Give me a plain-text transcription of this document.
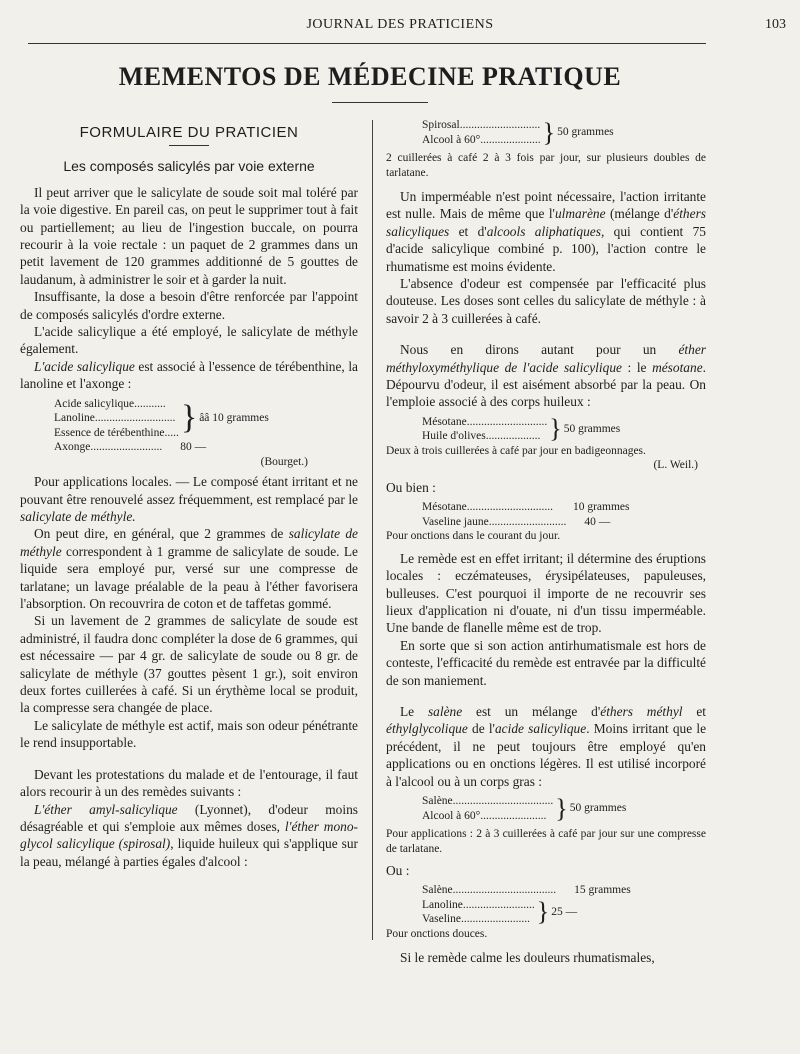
JOURNAL DES PRATICIENS	103
MEMENTOS DE MÉDECINE PRATIQUE
FORMULAIRE DU PRATICIEN
Les composés salicylés par voie externe

Il peut arriver que le salicylate de soude soit mal toléré par la voie digestive. En pareil cas, on peut le supprimer tout à fait ou partiellement; au lieu de l'ingestion buccale, on pourra recourir à la voie rectale : un paquet de 2 grammes dans un petit lavement de 120 grammes additionné de 5 gouttes de laudanum, à administrer le soir et à garder la nuit.

Insuffisante, la dose a besoin d'être renforcée par l'appoint de composés salicylés d'ordre externe.

L'acide salicylique a été employé, le salicylate de méthyle également.

L'acide salicylique est associé à l'essence de térébenthine, la lanoline et l'axonge :

Acide salicylique...........
Lanoline............................
Essence de térébenthine..... } ââ 10 grammes
Axonge......................... 80 —
(Bourget.)

Pour applications locales. — Le composé étant irritant et ne pouvant être renouvelé assez fréquemment, est remplacé par le salicylate de méthyle.

On peut dire, en général, que 2 grammes de salicylate de méthyle correspondent à 1 gramme de salicylate de soude. Le liquide sera employé pur, versé sur une compresse de tarlatane; un lavage préalable de la peau à l'éther favorisera l'absorption. On recouvrira de coton et de taffetas gommé.

Si un lavement de 2 grammes de salicylate de soude est administré, il faudra donc compléter la dose de 6 grammes, qui est nécessaire — par 4 gr. de salicylate de soude ou 8 gr. de salicylate de méthyle (37 gouttes pèsent 1 gr.), soit environ deux fortes cuillerées à café. Si un érythème local se produit, la compresse sera changée de place.

Le salicylate de méthyle est actif, mais son odeur pénétrante le rend insupportable.

Devant les protestations du malade et de l'entourage, il faut alors recourir à un des remèdes suivants :

L'éther amyl-salicylique (Lyonnet), d'odeur moins désagréable et qui s'emploie aux mêmes doses, l'éther mono-glycol salicylique (spirosal), liquide huileux qui s'applique sur la peau, mélangé à parties égales d'alcool :

Spirosal............................
Alcool à 60°..................... } 50 grammes
2 cuillerées à café 2 à 3 fois par jour, sur plusieurs doubles de tarlatane.

Un imperméable n'est point nécessaire, l'action irritante est nulle. Mais de même que l'ulmarène (mélange d'éthers salicyliques et d'alcools aliphatiques, qui contient 75 d'acide salicylique combiné p. 100), l'action contre le rhumatisme est moins évidente.

L'absence d'odeur est compensée par l'efficacité plus douteuse. Les doses sont celles du salicylate de méthyle : à savoir 2 à 3 cuillerées à café.

Nous en dirons autant pour un éther méthyloxyméthylique de l'acide salicylique : le mésotane. Dépourvu d'odeur, il est aisément absorbé par la peau. On l'emploie associé à des corps huileux :

Mésotane............................
Huile d'olives................... } 50 grammes
Deux à trois cuillerées à café par jour en badigeonnages.
(L. Weil.)

Ou bien :

Mésotane.............................. 10 grammes
Vaseline jaune........................... 40 —
Pour onctions dans le courant du jour.

Le remède est en effet irritant; il détermine des éruptions locales : eczémateuses, érysipélateuses, papuleuses, bulleuses. C'est pourquoi il importe de ne recouvrir ses lieux d'application ni d'ouate, ni d'un tissu imperméable. Une bande de flanelle même est de trop.

En sorte que si son action antirhumatismale est hors de conteste, l'efficacité du remède est entravée par la difficulté de son maniement.

Le salène est un mélange d'éthers méthyl et éthylglycolique de l'acide salicylique. Moins irritant que le précédent, il ne peut toujours être employé qu'en applications ou en onctions légères. Il est utilisé incorporé à l'alcool ou à un corps gras :

Salène...................................
Alcool à 60°....................... } 50 grammes
Pour applications : 2 à 3 cuillerées à café par jour sur une compresse de tarlatane.

Ou :

Salène.................................... 15 grammes
Lanoline.........................
Vaseline........................ } 25 —
Pour onctions douces.

Si le remède calme les douleurs rhumatismales,
